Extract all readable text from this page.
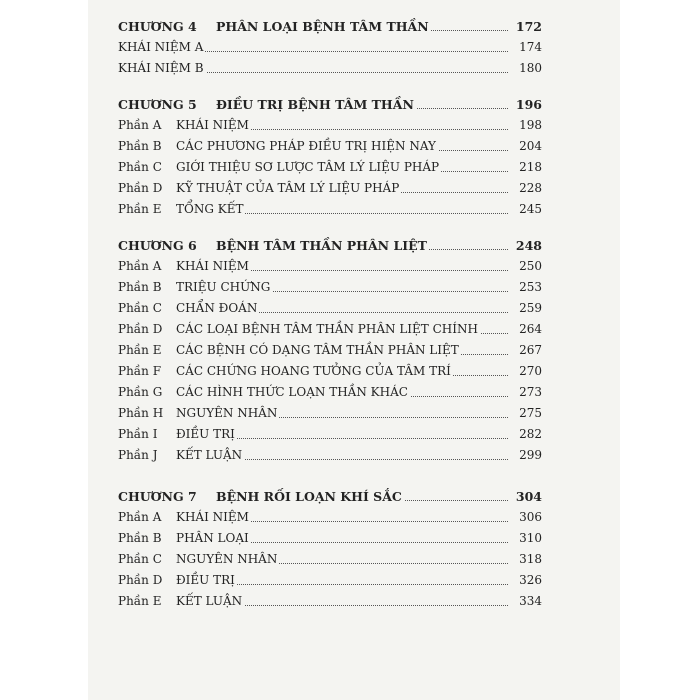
CHƯƠNG 4 PHÂN LOẠI BỆNH TÂM THẦN	172
KHÁI NIỆM A	174
KHÁI NIỆM B	180
CHƯƠNG 5 ĐIỀU TRỊ BỆNH TÂM THẦN	196
Phần A KHÁI NIỆM	198
Phần B CÁC PHƯƠNG PHÁP ĐIỀU TRỊ HIỆN NAY	204
Phần C GIỚI THIỆU SƠ LƯỢC TÂM LÝ LIỆU PHÁP	218
Phần D KỸ THUẬT CỦA TÂM LÝ LIỆU PHÁP	228
Phần E TỔNG KẾT	245
CHƯƠNG 6 BỆNH TÂM THẦN PHÂN LIỆT	248
Phần A KHÁI NIỆM	250
Phần B TRIỆU CHỨNG	253
Phần C CHẨN ĐOÁN	259
Phần D CÁC LOẠI BỆNH TÂM THẦN PHÂN LIỆT CHÍNH	264
Phần E CÁC BỆNH CÓ DẠNG TÂM THẦN PHÂN LIỆT	267
Phần F CÁC CHỨNG HOANG TƯỞNG CỦA TÂM TRÍ	270
Phần G CÁC HÌNH THỨC LOẠN THẦN KHÁC	273
Phần H NGUYÊN NHÂN	275
Phần I ĐIỀU TRỊ	282
Phần J KẾT LUẬN	299
CHƯƠNG 7 BỆNH RỐI LOẠN KHÍ SẮC	304
Phần A KHÁI NIỆM	306
Phần B PHÂN LOẠI	310
Phần C NGUYÊN NHÂN	318
Phần D ĐIỀU TRỊ	326
Phần E KẾT LUẬN	334
